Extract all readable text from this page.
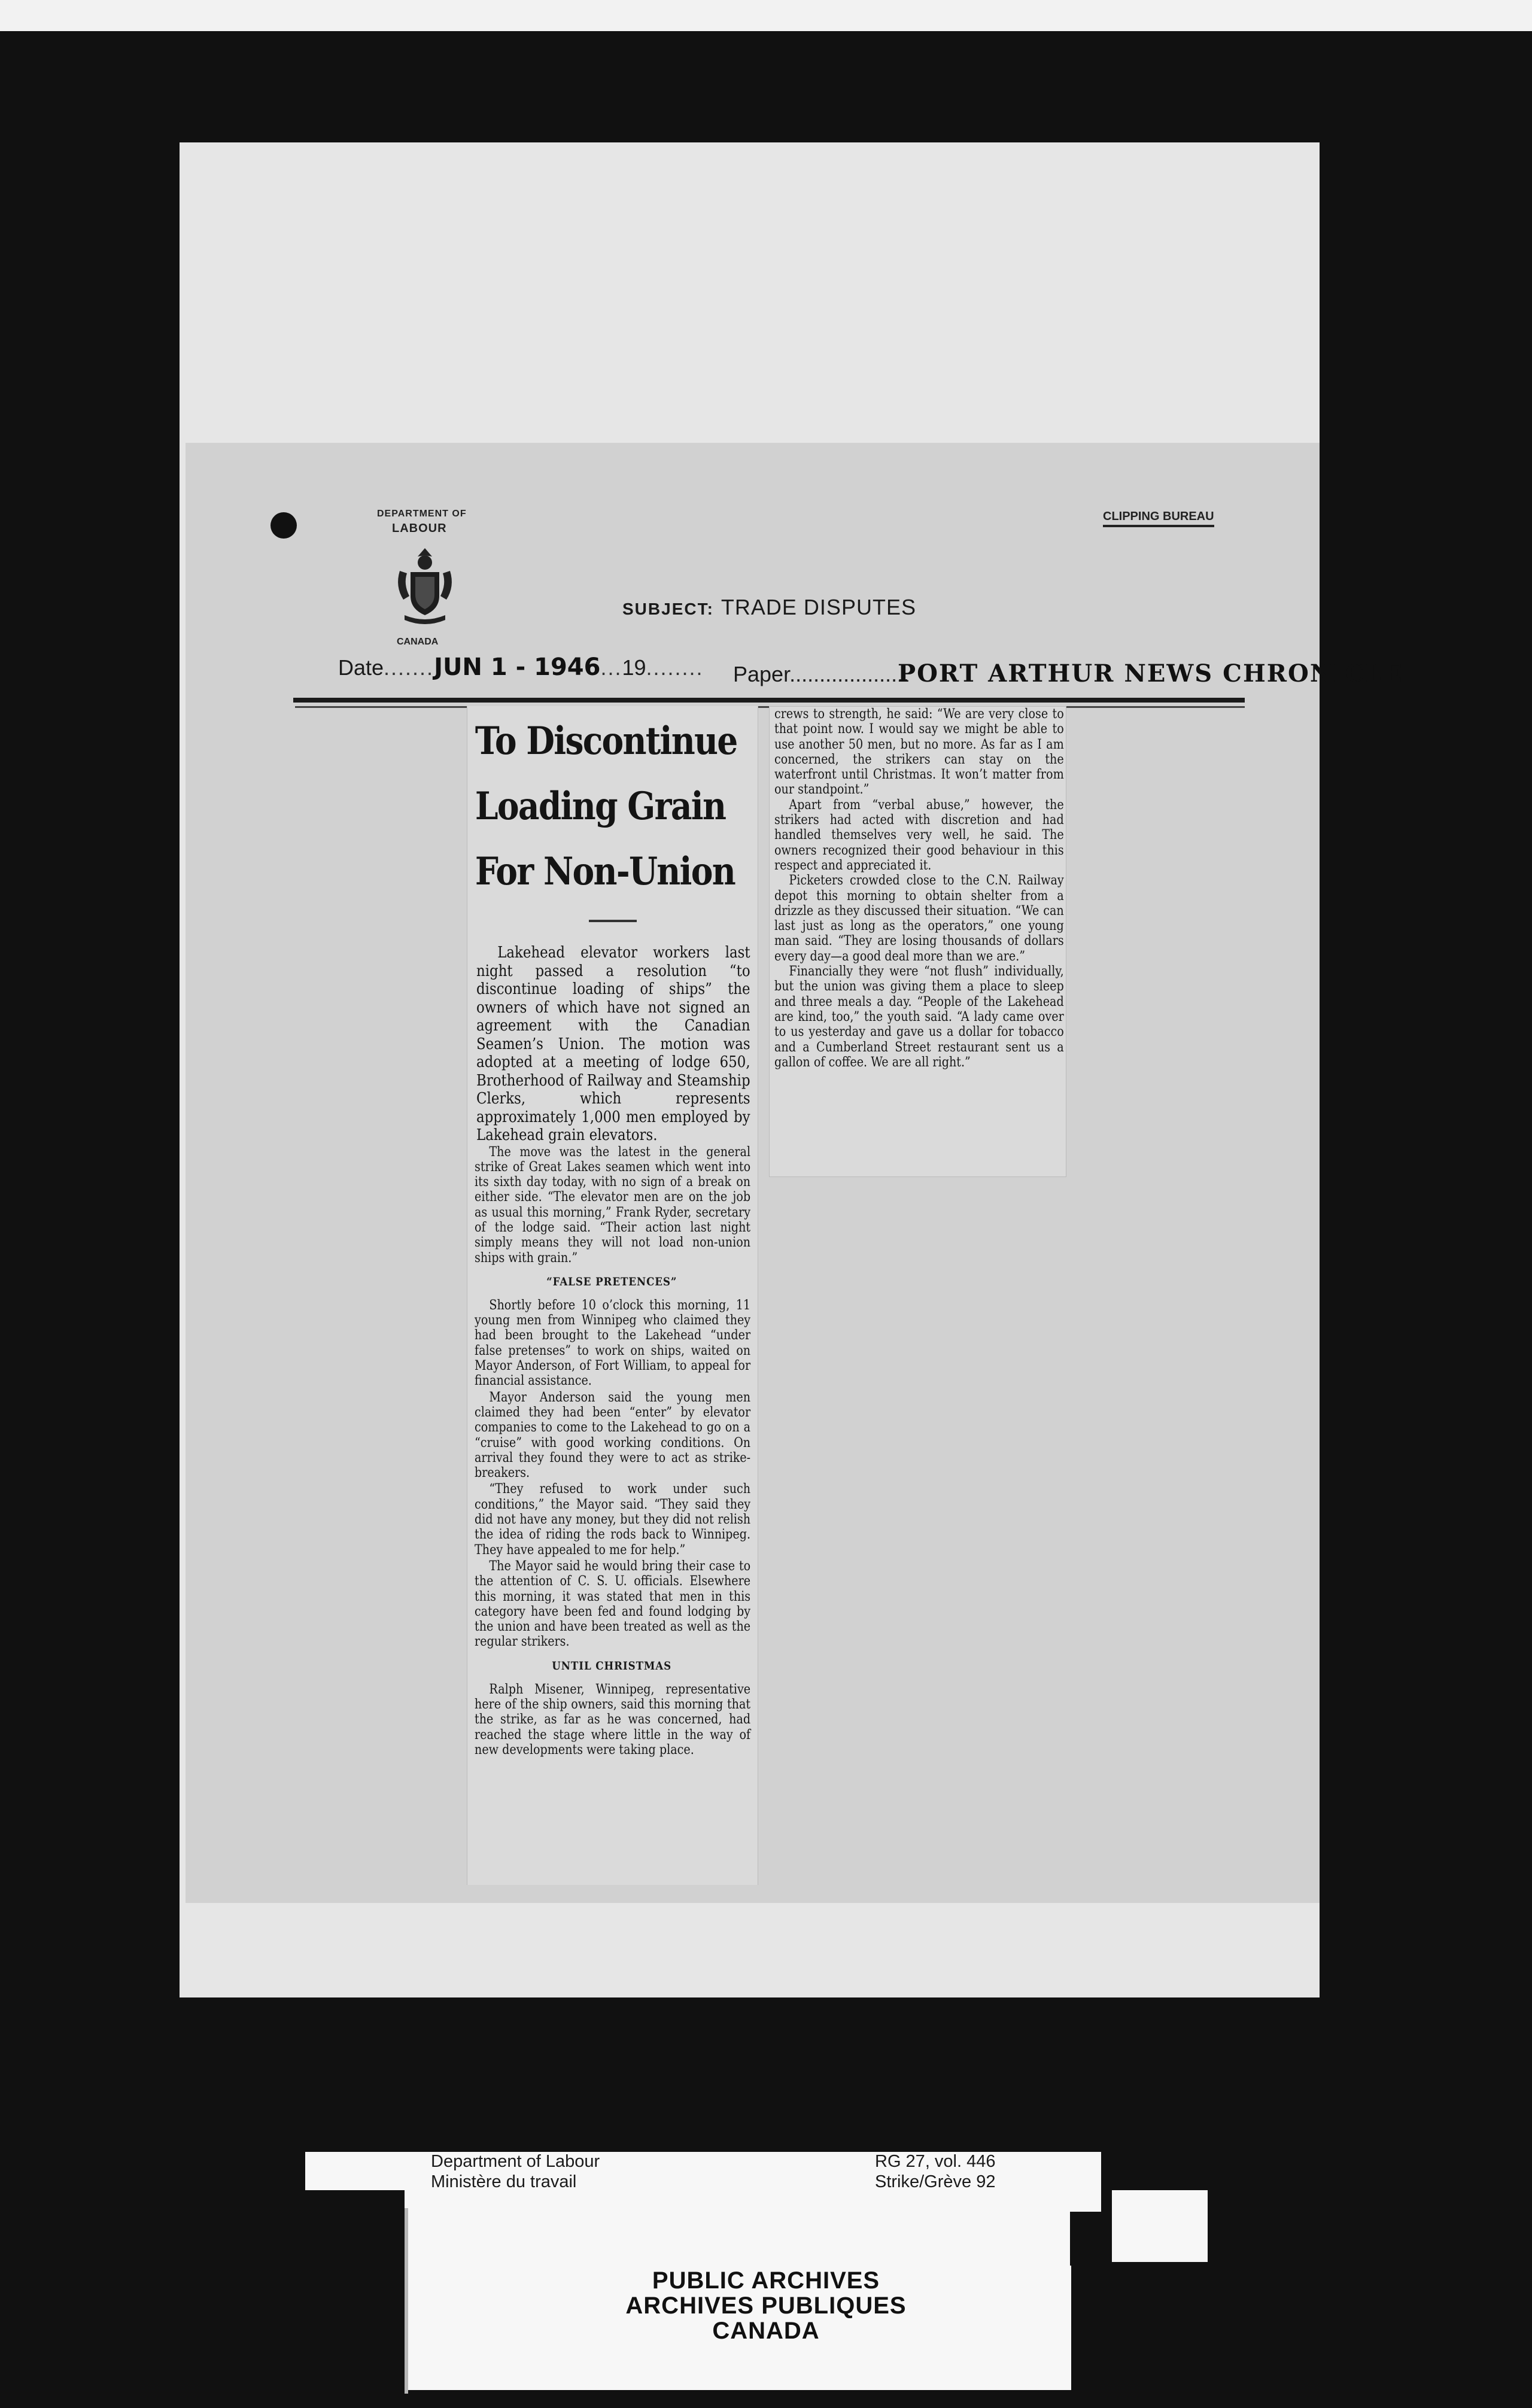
DEPARTMENT OF
LABOUR
CANADA
CLIPPING BUREAU
SUBJECT: TRADE DISPUTES
Date.......JUN 1 - 1946...19........ Paper....................
PORT ARTHUR NEWS CHRONICLE
To Discontinue
Loading Grain
For Non-Union

Lakehead elevator workers last night passed a resolution “to discontinue loading of ships” the owners of which have not signed an agreement with the Canadian Seamen’s Union. The motion was adopted at a meeting of lodge 650, Brotherhood of Railway and Steamship Clerks, which represents approximately 1,000 men employed by Lakehead grain elevators.

The move was the latest in the general strike of Great Lakes seamen which went into its sixth day today, with no sign of a break on either side. “The elevator men are on the job as usual this morning,” Frank Ryder, secretary of the lodge said. “Their action last night simply means they will not load non-union ships with grain.”

“FALSE PRETENCES”

Shortly before 10 o’clock this morning, 11 young men from Winnipeg who claimed they had been brought to the Lakehead “under false pretenses” to work on ships, waited on Mayor Anderson, of Fort William, to appeal for financial assistance.

Mayor Anderson said the young men claimed they had been “enter” by elevator companies to come to the Lakehead to go on a “cruise” with good working conditions. On arrival they found they were to act as strike-breakers.

“They refused to work under such conditions,” the Mayor said. “They said they did not have any money, but they did not relish the idea of riding the rods back to Winnipeg. They have appealed to me for help.”

The Mayor said he would bring their case to the attention of C. S. U. officials. Elsewhere this morning, it was stated that men in this category have been fed and found lodging by the union and have been treated as well as the regular strikers.

UNTIL CHRISTMAS

Ralph Misener, Winnipeg, representative here of the ship owners, said this morning that the strike, as far as he was concerned, had reached the stage where little in the way of new developments were taking place.

crews to strength, he said: “We are very close to that point now. I would say we might be able to use another 50 men, but no more. As far as I am concerned, the strikers can stay on the waterfront until Christmas. It won’t matter from our standpoint.”

Apart from “verbal abuse,” however, the strikers had acted with discretion and had handled themselves very well, he said. The owners recognized their good behaviour in this respect and appreciated it.

Picketers crowded close to the C.N. Railway depot this morning to obtain shelter from a drizzle as they discussed their situation. “We can last just as long as the operators,” one young man said. “They are losing thousands of dollars every day—a good deal more than we are.”

Financially they were “not flush” individually, but the union was giving them a place to sleep and three meals a day. “People of the Lakehead are kind, too,” the youth said. “A lady came over to us yesterday and gave us a dollar for tobacco and a Cumberland Street restaurant sent us a gallon of coffee. We are all right.”

Department of Labour
Ministère du travail
RG 27, vol. 446
Strike/Grève 92
PUBLIC ARCHIVES
ARCHIVES PUBLIQUES
CANADA
